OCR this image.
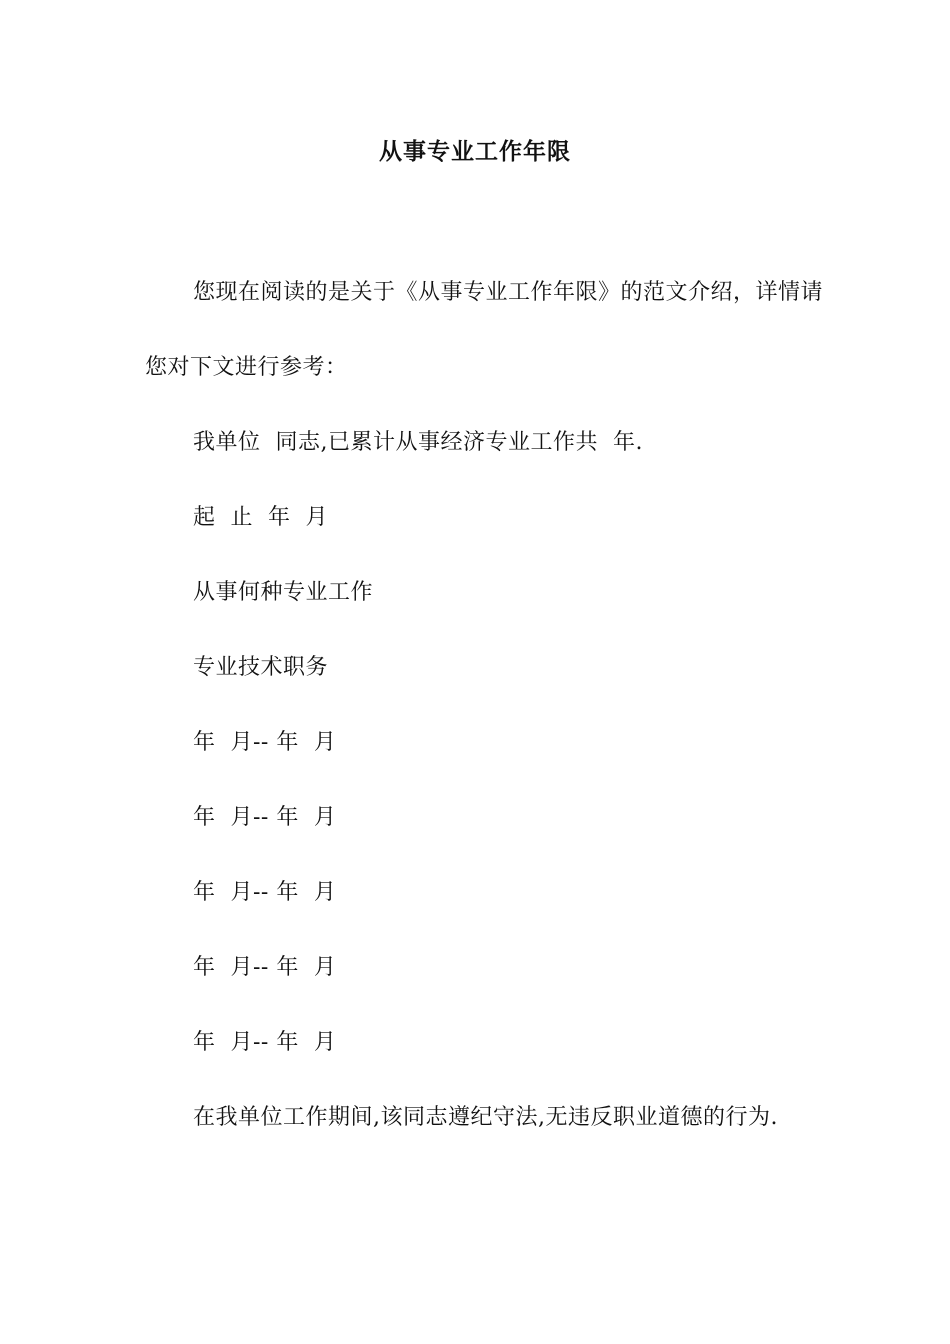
从事专业工作年限

您现在阅读的是关于《从事专业工作年限》的范文介绍，详情请您对下文进行参考：

我单位  同志,已累计从事经济专业工作共  年.

起  止  年  月

从事何种专业工作

专业技术职务

年  月-- 年  月

年  月-- 年  月

年  月-- 年  月

年  月-- 年  月

年  月-- 年  月

在我单位工作期间,该同志遵纪守法,无违反职业道德的行为.
